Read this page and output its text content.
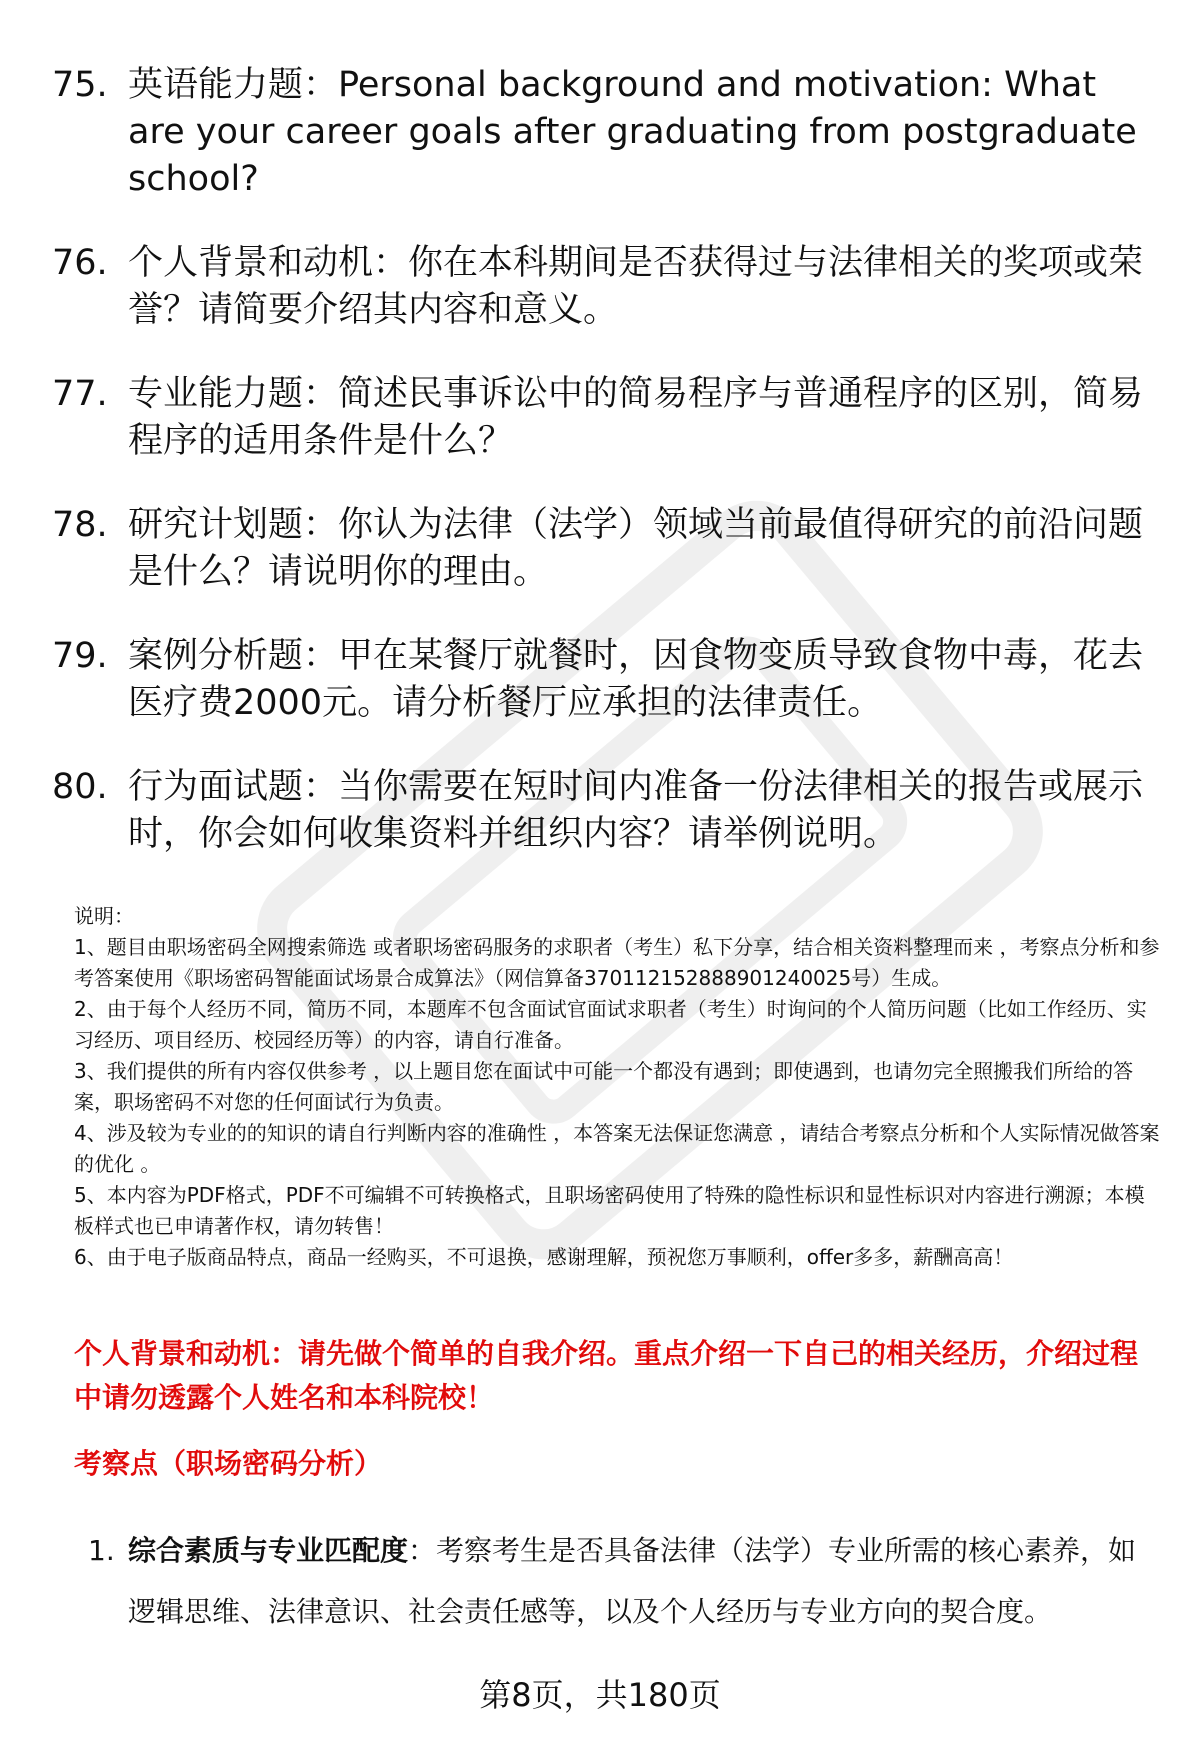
75. 英语能力题：Personal background and motivation: What are your career goals after graduating from postgraduate school?
76. 个人背景和动机：你在本科期间是否获得过与法律相关的奖项或荣誉？请简要介绍其内容和意义。
77. 专业能力题：简述民事诉讼中的简易程序与普通程序的区别，简易程序的适用条件是什么？
78. 研究计划题：你认为法律（法学）领域当前最值得研究的前沿问题是什么？请说明你的理由。
79. 案例分析题：甲在某餐厅就餐时，因食物变质导致食物中毒，花去医疗费2000元。请分析餐厅应承担的法律责任。
80. 行为面试题：当你需要在短时间内准备一份法律相关的报告或展示时，你会如何收集资料并组织内容？请举例说明。

说明：

1、题目由职场密码全网搜索筛选 或者职场密码服务的求职者（考生）私下分享，结合相关资料整理而来 ，考察点分析和参考答案使用《职场密码智能面试场景合成算法》（网信算备370112152888901240025号）生成。

2、由于每个人经历不同，简历不同，本题库不包含面试官面试求职者（考生）时询问的个人简历问题（比如工作经历、实习经历、项目经历、校园经历等）的内容，请自行准备。

3、我们提供的所有内容仅供参考 ，以上题目您在面试中可能一个都没有遇到；即使遇到，也请勿完全照搬我们所给的答案，职场密码不对您的任何面试行为负责。

4、涉及较为专业的的知识的请自行判断内容的准确性 ，本答案无法保证您满意 ，请结合考察点分析和个人实际情况做答案的优化 。

5、本内容为PDF格式，PDF不可编辑不可转换格式，且职场密码使用了特殊的隐性标识和显性标识对内容进行溯源；本模板样式也已申请著作权，请勿转售！

6、由于电子版商品特点，商品一经购买，不可退换，感谢理解，预祝您万事顺利，offer多多，薪酬高高！

个人背景和动机：请先做个简单的自我介绍。重点介绍一下自己的相关经历，介绍过程中请勿透露个人姓名和本科院校！
考察点（职场密码分析）
1. 综合素质与专业匹配度：考察考生是否具备法律（法学）专业所需的核心素养，如逻辑思维、法律意识、社会责任感等，以及个人经历与专业方向的契合度。
第8页，共180页
